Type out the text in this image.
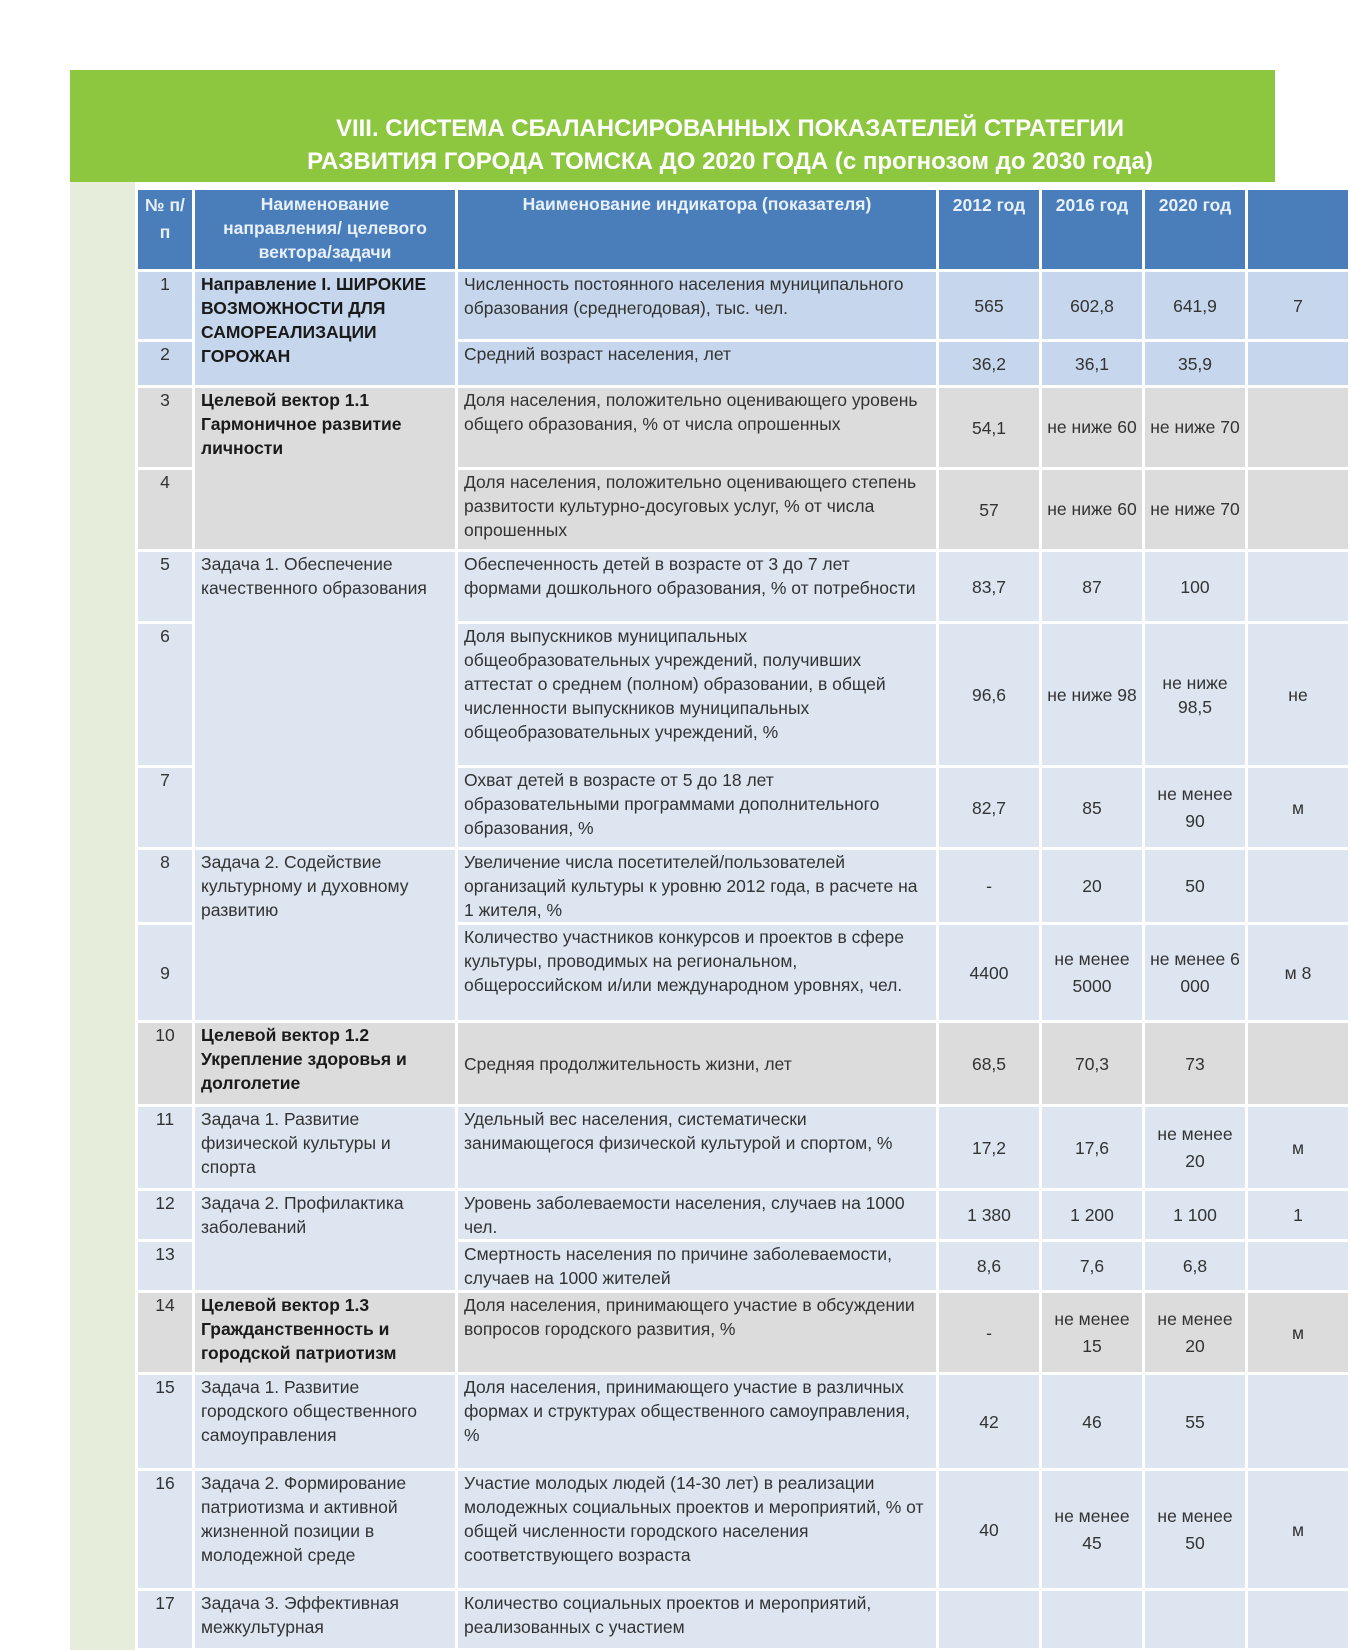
VIII. СИСТЕМА СБАЛАНСИРОВАННЫХ ПОКАЗАТЕЛЕЙ СТРАТЕГИИ
РАЗВИТИЯ ГОРОДА ТОМСКА ДО 2020 ГОДА (с прогнозом до 2030 года)
№ п/п	Наименование направления/ целевого вектора/задачи	Наименование индикатора (показателя)	2012 год	2016 год	2020 год	
1	Направление I. ШИРОКИЕ ВОЗМОЖНОСТИ ДЛЯ САМОРЕАЛИЗАЦИИ ГОРОЖАН	Численность постоянного населения муниципального образования (среднегодовая), тыс. чел.	565	602,8	641,9	7
2		Средний возраст населения, лет	36,2	36,1	35,9	
3	Целевой вектор 1.1 Гармоничное развитие личности	Доля населения, положительно оценивающего уровень общего образования, % от числа опрошенных	54,1	не ниже 60	не ниже 70	
4		Доля населения, положительно оценивающего степень развитости культурно-досуговых услуг, % от числа опрошенных	57	не ниже 60	не ниже 70	
5	Задача 1. Обеспечение качественного образования	Обеспеченность детей в возрасте от 3 до 7 лет формами дошкольного образования, % от потребности	83,7	87	100	
6		Доля выпускников муниципальных общеобразовательных учреждений, получивших аттестат о среднем (полном) образовании, в общей численности выпускников муниципальных общеобразовательных учреждений, %	96,6	не ниже 98	не ниже 98,5	не
7		Охват детей в возрасте от 5 до 18 лет образовательными программами дополнительного образования, %	82,7	85	не менее 90	м
8	Задача 2. Содействие культурному и духовному развитию	Увеличение числа посетителей/пользователей организаций культуры к уровню 2012 года, в расчете на 1 жителя, %	-	20	50	
9		Количество участников конкурсов и проектов в сфере культуры, проводимых на региональном, общероссийском и/или международном уровнях, чел.	4400	не менее 5000	не менее 6 000	м 8
10	Целевой вектор 1.2 Укрепление здоровья и долголетие	Средняя продолжительность жизни, лет	68,5	70,3	73	
11	Задача 1. Развитие физической культуры и спорта	Удельный вес населения, систематически занимающегося физической культурой и спортом, %	17,2	17,6	не менее 20	м
12	Задача 2. Профилактика заболеваний	Уровень заболеваемости населения, случаев на 1000 чел.	1 380	1 200	1 100	1
13		Смертность населения по причине заболеваемости, случаев на 1000 жителей	8,6	7,6	6,8	
14	Целевой вектор 1.3 Гражданственность и городской патриотизм	Доля населения, принимающего участие в обсуждении вопросов городского развития, %	-	не менее 15	не менее 20	м
15	Задача 1. Развитие городского общественного самоуправления	Доля населения, принимающего участие в различных формах и структурах общественного самоуправления, %	42	46	55	
16	Задача 2. Формирование патриотизма и активной жизненной позиции в молодежной среде	Участие молодых людей (14-30 лет) в реализации молодежных социальных проектов и мероприятий, % от общей численности городского населения соответствующего возраста	40	не менее 45	не менее 50	м
17	Задача 3. Эффективная межкультурная	Количество социальных проектов и мероприятий, реализованных с участием				
